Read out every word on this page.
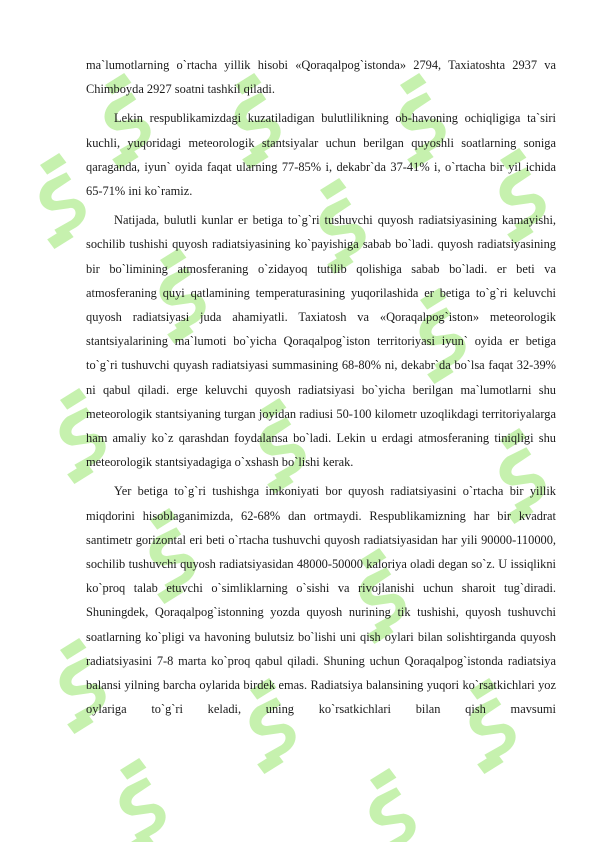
ma`lumotlarning o`rtacha yillik hisobi «Qoraqalpog`istonda» 2794, Taxiatoshta 2937 va Chimboyda 2927 soatni tashkil qiladi.

Lekin respublikamizdagi kuzatiladigan bulutlilikning ob-havoning ochiqligiga ta`siri kuchli, yuqoridagi meteorologik stantsiyalar uchun berilgan quyoshli soatlarning soniga qaraganda, iyun` oyida faqat ularning 77-85% i, dekabr`da 37-41% i, o`rtacha bir yil ichida 65-71% ini ko`ramiz.

Natijada, bulutli kunlar er betiga to`g`ri tushuvchi quyosh radiatsiyasining kamayishi, sochilib tushishi quyosh radiatsiyasining ko`payishiga sabab bo`ladi. quyosh radiatsiyasining bir bo`limining atmosferaning o`zidayoq tutilib qolishiga sabab bo`ladi. er beti va atmosferaning quyi qatlamining temperaturasining yuqorilashida er betiga to`g`ri keluvchi quyosh radiatsiyasi juda ahamiyatli. Taxiatosh va «Qoraqalpog`iston» meteorologik stantsiyalarining ma`lumoti bo`yicha Qoraqalpog`iston territoriyasi iyun` oyida er betiga to`g`ri tushuvchi quyash radiatsiyasi summasining 68-80% ni, dekabr`da bo`lsa faqat 32-39% ni qabul qiladi. erge keluvchi quyosh radiatsiyasi bo`yicha berilgan ma`lumotlarni shu meteorologik stantsiyaning turgan joyidan radiusi 50-100 kilometr uzoqlikdagi territoriyalarga ham amaliy ko`z qarashdan foydalansa bo`ladi. Lekin u erdagi atmosferaning tiniqligi shu meteorologik stantsiyadagiga o`xshash bo`lishi kerak.

Yer betiga to`g`ri tushishga imkoniyati bor quyosh radiatsiyasini o`rtacha bir yillik miqdorini hisoblaganimizda, 62-68% dan ortmaydi. Respublikamizning har bir kvadrat santimetr gorizontal eri beti o`rtacha tushuvchi quyosh radiatsiyasidan har yili 90000-110000, sochilib tushuvchi quyosh radiatsiyasidan 48000-50000 kaloriya oladi degan so`z. U issiqlikni ko`proq talab etuvchi o`simliklarning o`sishi va rivojlanishi uchun sharoit tug`diradi. Shuningdek, Qoraqalpog`istonning yozda quyosh nurining tik tushishi, quyosh tushuvchi soatlarning ko`pligi va havoning bulutsiz bo`lishi uni qish oylari bilan solishtirganda quyosh radiatsiyasini 7-8 marta ko`proq qabul qiladi. Shuning uchun Qoraqalpog`istonda radiatsiya balansi yilning barcha oylarida birdek emas. Radiatsiya balansining yuqori ko`rsatkichlari yoz oylariga to`g`ri keladi, uning ko`rsatkichlari bilan qish mavsumi
